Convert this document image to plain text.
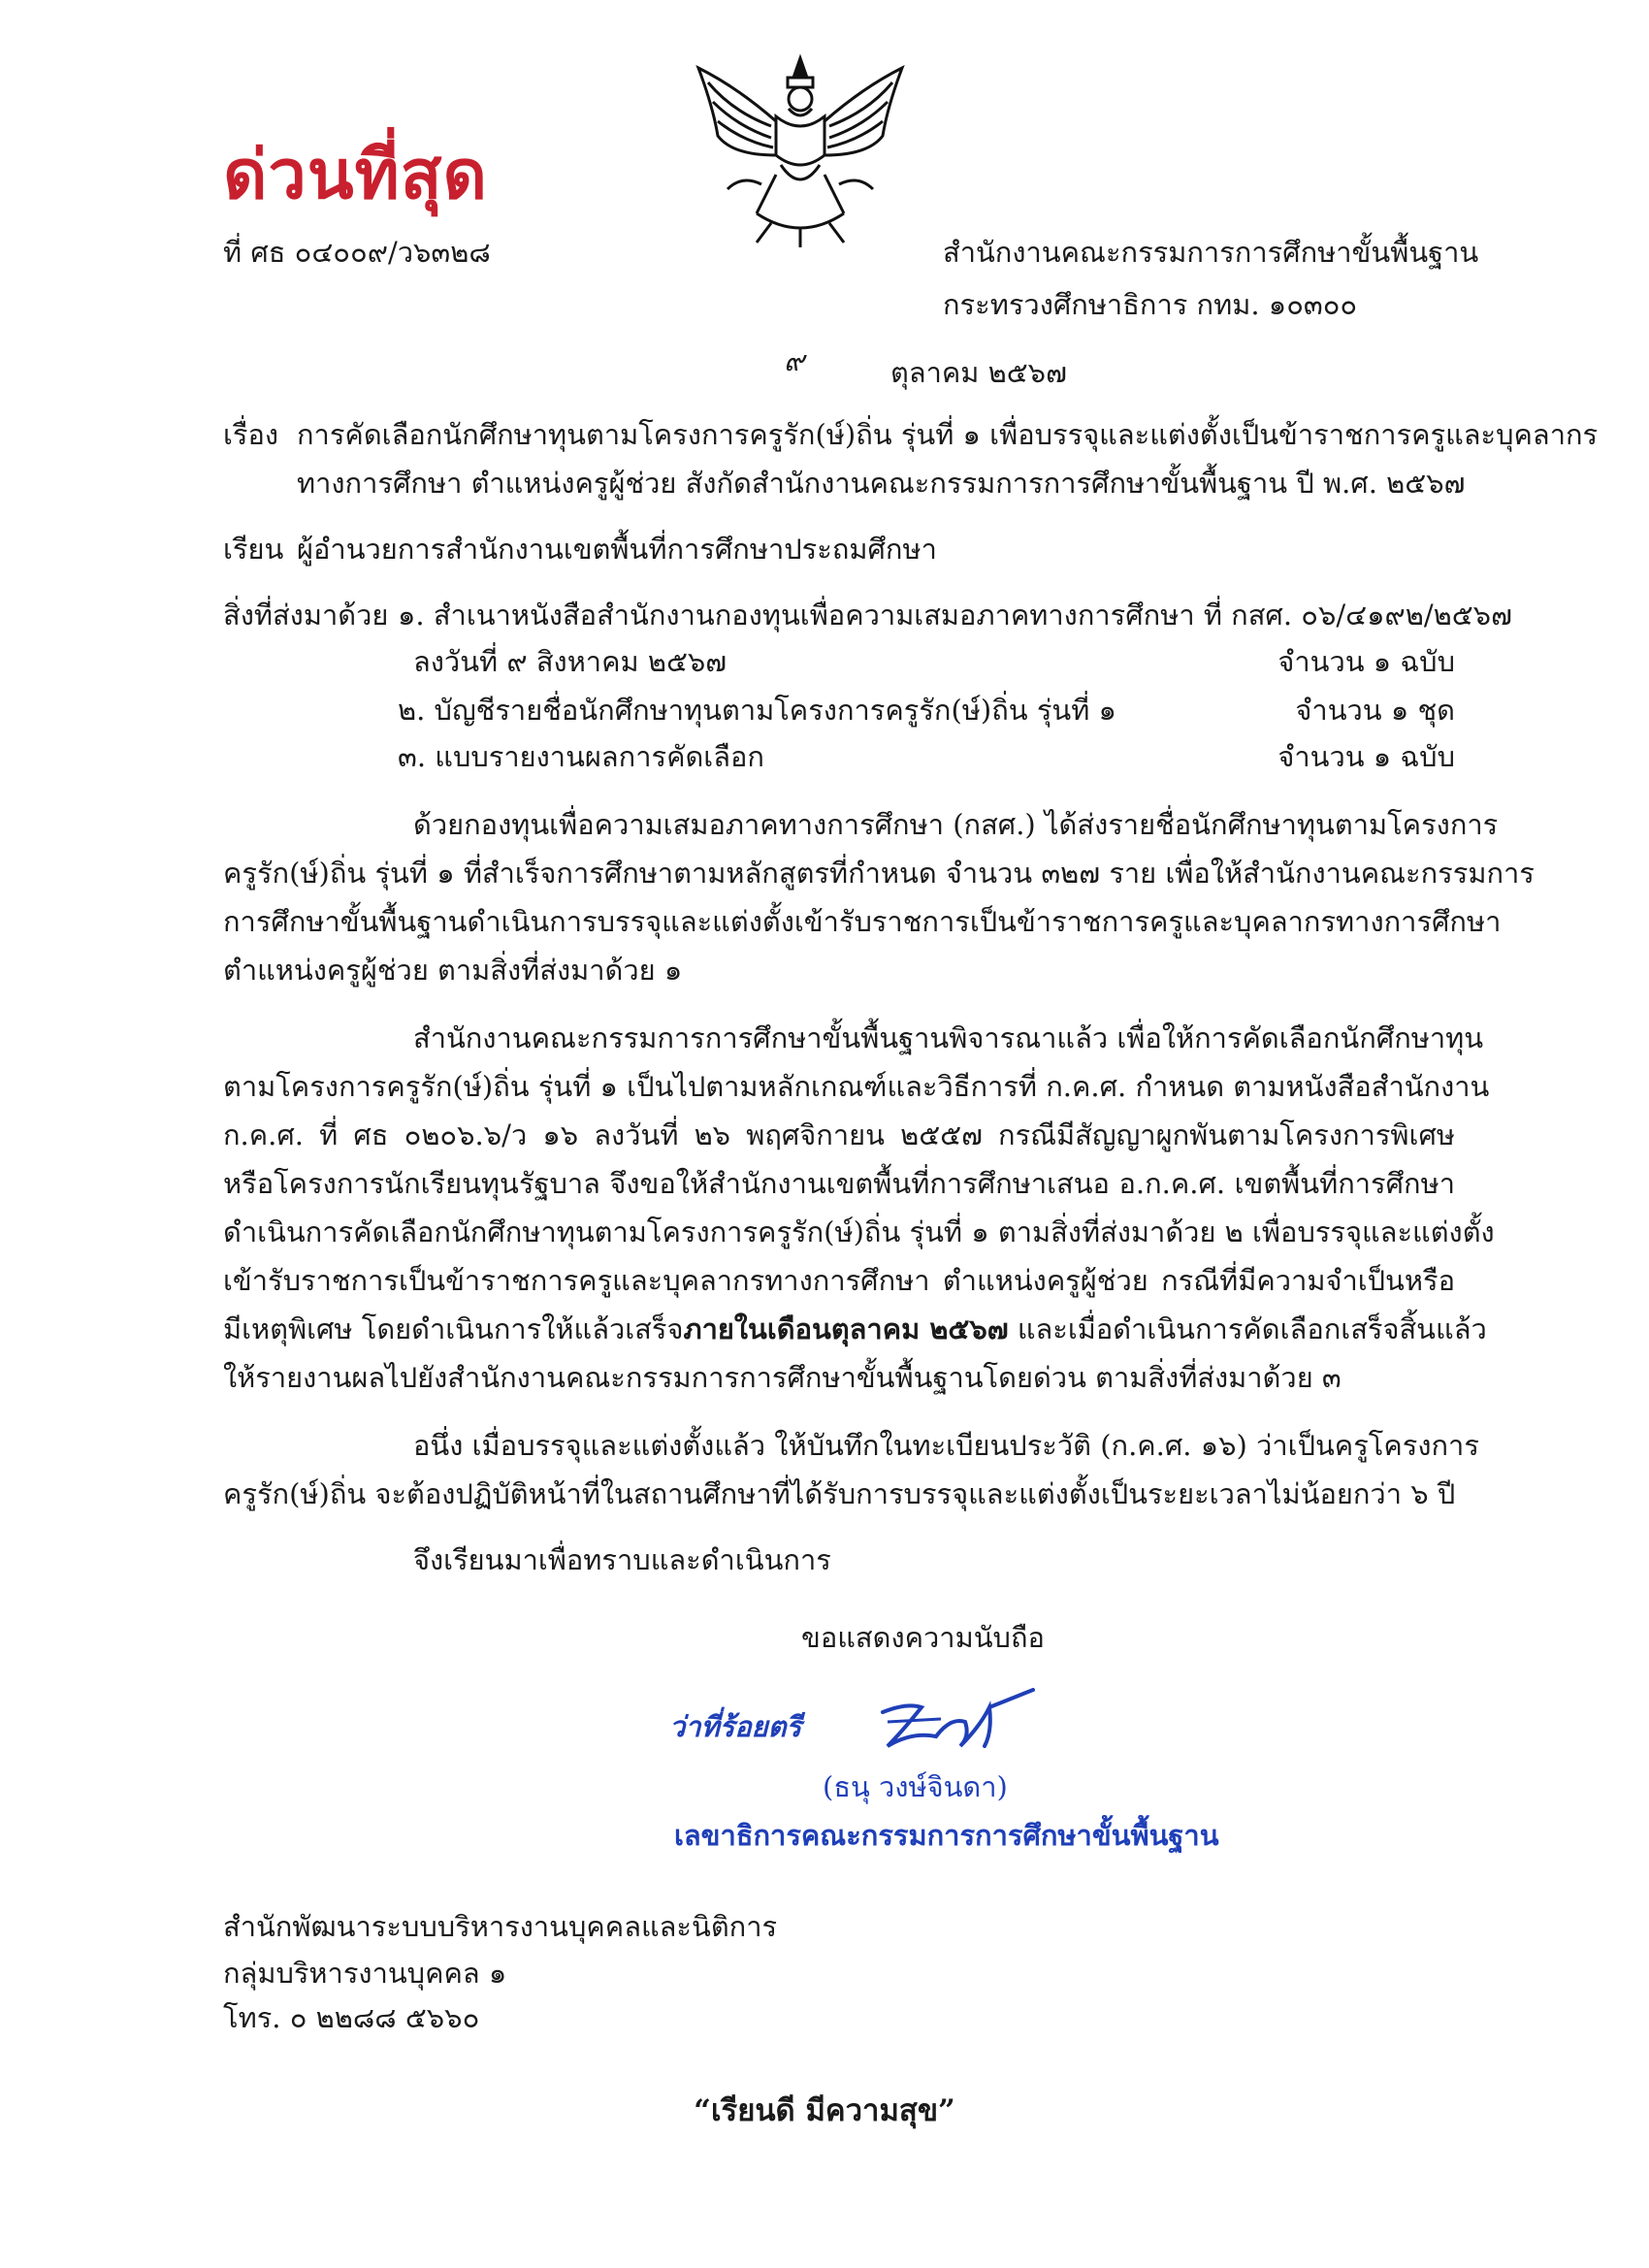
ด่วนที่สุด
ที่ ศธ ๐๔๐๐๙/ว๖๓๒๘	สำนักงานคณะกรรมการการศึกษาขั้นพื้นฐาน
กระทรวงศึกษาธิการ กทม. ๑๐๓๐๐
๙	ตุลาคม ๒๕๖๗
เรื่อง การคัดเลือกนักศึกษาทุนตามโครงการครูรัก(ษ์)ถิ่น รุ่นที่ ๑ เพื่อบรรจุและแต่งตั้งเป็นข้าราชการครูและบุคลากร
ทางการศึกษา ตำแหน่งครูผู้ช่วย สังกัดสำนักงานคณะกรรมการการศึกษาขั้นพื้นฐาน ปี พ.ศ. ๒๕๖๗
เรียน ผู้อำนวยการสำนักงานเขตพื้นที่การศึกษาประถมศึกษา
สิ่งที่ส่งมาด้วย ๑. สำเนาหนังสือสำนักงานกองทุนเพื่อความเสมอภาคทางการศึกษา ที่ กสศ. ๐๖/๔๑๙๒/๒๕๖๗
ลงวันที่ ๙ สิงหาคม ๒๕๖๗	จำนวน ๑ ฉบับ
๒. บัญชีรายชื่อนักศึกษาทุนตามโครงการครูรัก(ษ์)ถิ่น รุ่นที่ ๑	จำนวน ๑ ชุด
๓. แบบรายงานผลการคัดเลือก	จำนวน ๑ ฉบับ
ด้วยกองทุนเพื่อความเสมอภาคทางการศึกษา (กสศ.) ได้ส่งรายชื่อนักศึกษาทุนตามโครงการ
ครูรัก(ษ์)ถิ่น รุ่นที่ ๑ ที่สำเร็จการศึกษาตามหลักสูตรที่กำหนด จำนวน ๓๒๗ ราย เพื่อให้สำนักงานคณะกรรมการ
การศึกษาขั้นพื้นฐานดำเนินการบรรจุและแต่งตั้งเข้ารับราชการเป็นข้าราชการครูและบุคลากรทางการศึกษา
ตำแหน่งครูผู้ช่วย ตามสิ่งที่ส่งมาด้วย ๑
สำนักงานคณะกรรมการการศึกษาขั้นพื้นฐานพิจารณาแล้ว เพื่อให้การคัดเลือกนักศึกษาทุน
ตามโครงการครูรัก(ษ์)ถิ่น รุ่นที่ ๑ เป็นไปตามหลักเกณฑ์และวิธีการที่ ก.ค.ศ. กำหนด ตามหนังสือสำนักงาน
ก.ค.ศ. ที่ ศธ ๐๒๐๖.๖/ว ๑๖ ลงวันที่ ๒๖ พฤศจิกายน ๒๕๕๗ กรณีมีสัญญาผูกพันตามโครงการพิเศษ
หรือโครงการนักเรียนทุนรัฐบาล จึงขอให้สำนักงานเขตพื้นที่การศึกษาเสนอ อ.ก.ค.ศ. เขตพื้นที่การศึกษา
ดำเนินการคัดเลือกนักศึกษาทุนตามโครงการครูรัก(ษ์)ถิ่น รุ่นที่ ๑ ตามสิ่งที่ส่งมาด้วย ๒ เพื่อบรรจุและแต่งตั้ง
เข้ารับราชการเป็นข้าราชการครูและบุคลากรทางการศึกษา ตำแหน่งครูผู้ช่วย กรณีที่มีความจำเป็นหรือ
มีเหตุพิเศษ โดยดำเนินการให้แล้วเสร็จภายในเดือนตุลาคม ๒๕๖๗ และเมื่อดำเนินการคัดเลือกเสร็จสิ้นแล้ว
ให้รายงานผลไปยังสำนักงานคณะกรรมการการศึกษาขั้นพื้นฐานโดยด่วน ตามสิ่งที่ส่งมาด้วย ๓
อนึ่ง เมื่อบรรจุและแต่งตั้งแล้ว ให้บันทึกในทะเบียนประวัติ (ก.ค.ศ. ๑๖) ว่าเป็นครูโครงการ
ครูรัก(ษ์)ถิ่น จะต้องปฏิบัติหน้าที่ในสถานศึกษาที่ได้รับการบรรจุและแต่งตั้งเป็นระยะเวลาไม่น้อยกว่า ๖ ปี
จึงเรียนมาเพื่อทราบและดำเนินการ
ขอแสดงความนับถือ
ว่าที่ร้อยตรี
(ธนุ วงษ์จินดา)
เลขาธิการคณะกรรมการการศึกษาขั้นพื้นฐาน
สำนักพัฒนาระบบบริหารงานบุคคลและนิติการ
กลุ่มบริหารงานบุคคล ๑
โทร. ๐ ๒๒๘๘ ๕๖๖๐
“เรียนดี มีความสุข”
